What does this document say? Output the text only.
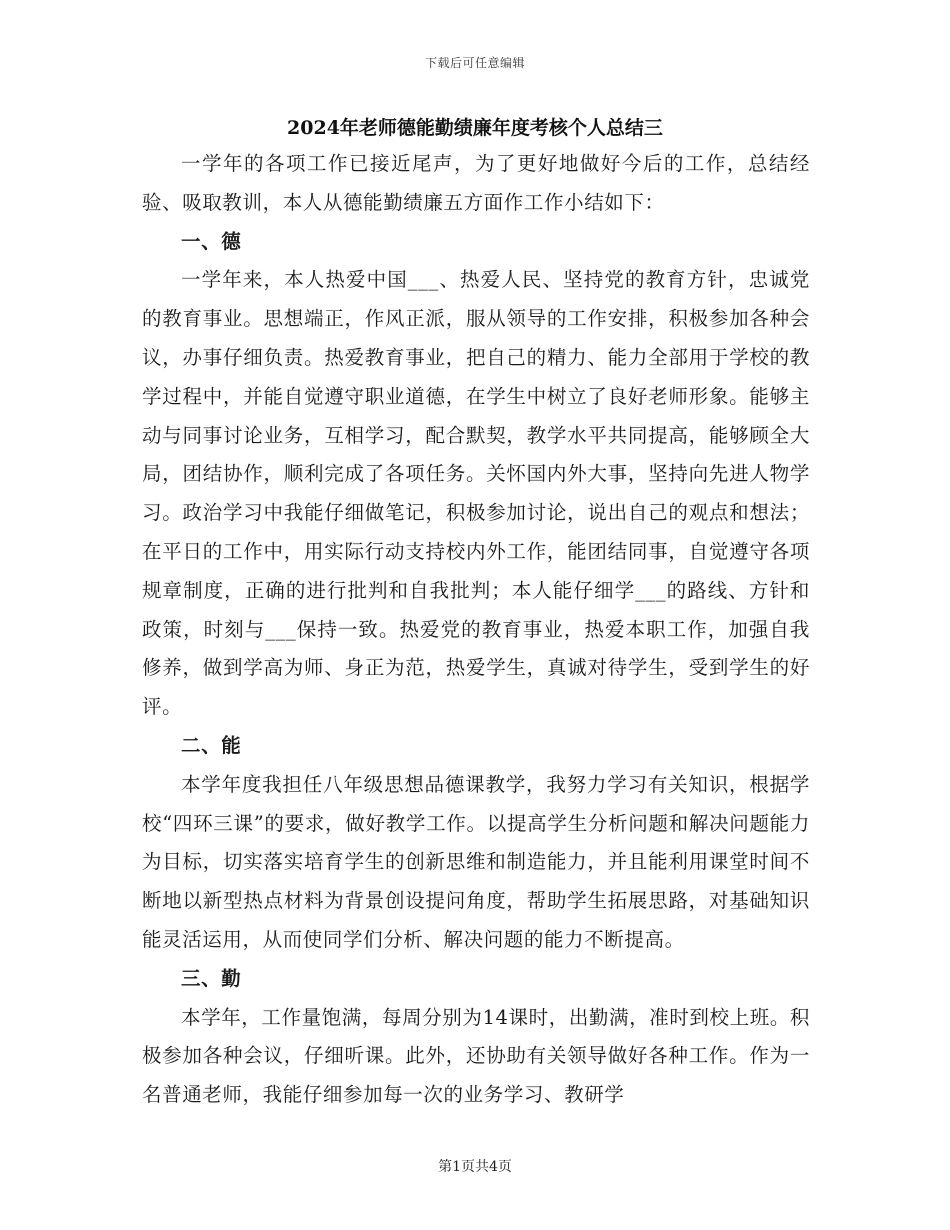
下载后可任意编辑
2024年老师德能勤绩廉年度考核个人总结三

一学年的各项工作已接近尾声，为了更好地做好今后的工作，总结经验、吸取教训，本人从德能勤绩廉五方面作工作小结如下：

一、德

一学年来，本人热爱中国___、热爱人民、坚持党的教育方针，忠诚党的教育事业。思想端正，作风正派，服从领导的工作安排，积极参加各种会议，办事仔细负责。热爱教育事业，把自己的精力、能力全部用于学校的教学过程中，并能自觉遵守职业道德，在学生中树立了良好老师形象。能够主动与同事讨论业务，互相学习，配合默契，教学水平共同提高，能够顾全大局，团结协作，顺利完成了各项任务。关怀国内外大事，坚持向先进人物学习。政治学习中我能仔细做笔记，积极参加讨论，说出自己的观点和想法；在平日的工作中，用实际行动支持校内外工作，能团结同事，自觉遵守各项规章制度，正确的进行批判和自我批判；本人能仔细学___的路线、方针和政策，时刻与___保持一致。热爱党的教育事业，热爱本职工作，加强自我修养，做到学高为师、身正为范，热爱学生，真诚对待学生，受到学生的好评。

二、能

本学年度我担任八年级思想品德课教学，我努力学习有关知识，根据学校“四环三课”的要求，做好教学工作。以提高学生分析问题和解决问题能力为目标，切实落实培育学生的创新思维和制造能力，并且能利用课堂时间不断地以新型热点材料为背景创设提问角度，帮助学生拓展思路，对基础知识能灵活运用，从而使同学们分析、解决问题的能力不断提高。

三、勤

本学年，工作量饱满，每周分别为14课时，出勤满，准时到校上班。积极参加各种会议，仔细听课。此外，还协助有关领导做好各种工作。作为一名普通老师，我能仔细参加每一次的业务学习、教研学

第1页共4页
